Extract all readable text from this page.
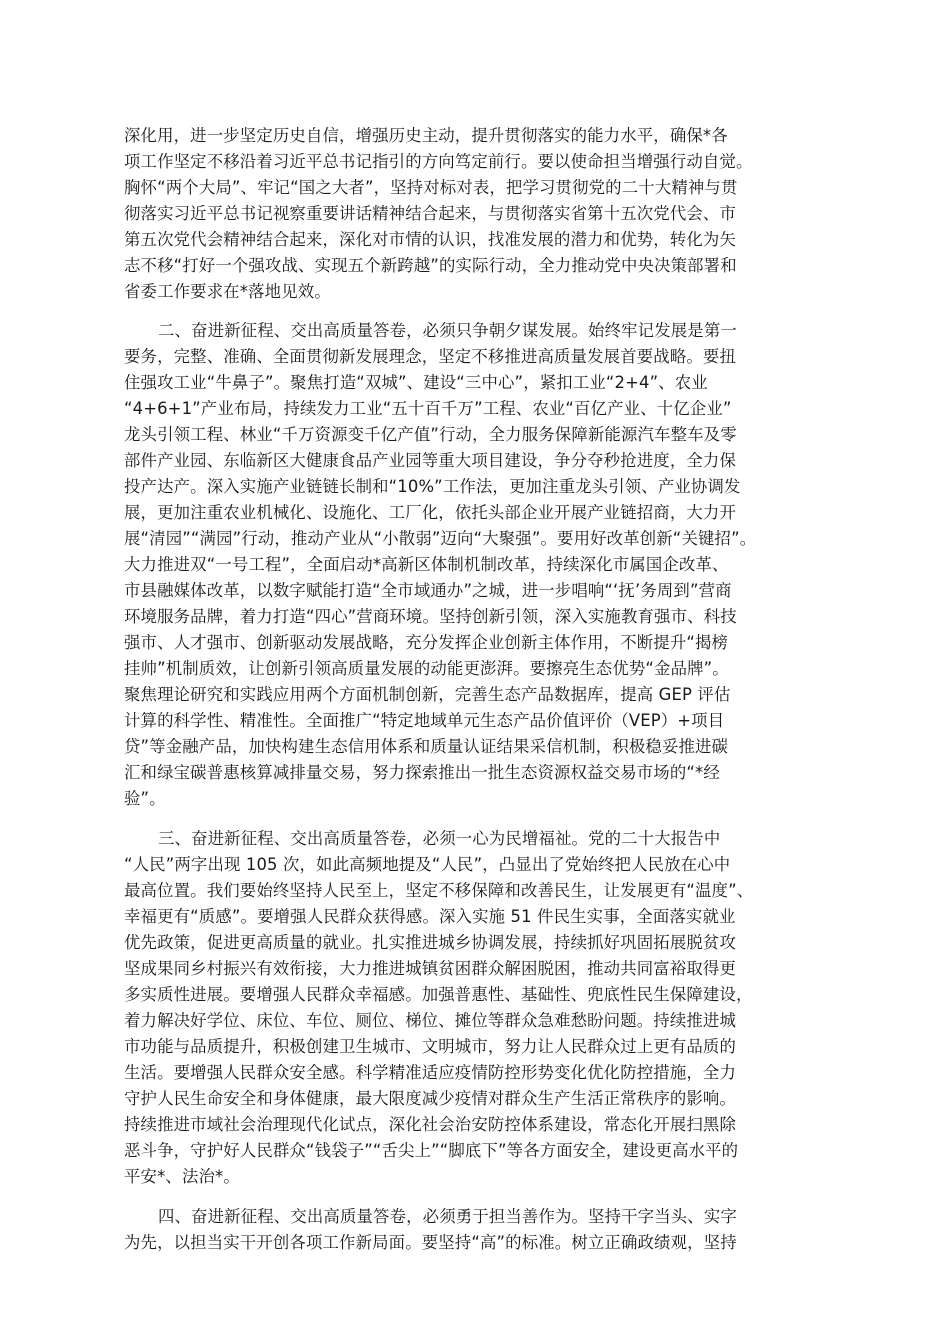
深化用，进一步坚定历史自信，增强历史主动，提升贯彻落实的能力水平，确保*各
项工作坚定不移沿着习近平总书记指引的方向笃定前行。要以使命担当增强行动自觉。
胸怀“两个大局”、牢记“国之大者”，坚持对标对表，把学习贯彻党的二十大精神与贯
彻落实习近平总书记视察重要讲话精神结合起来，与贯彻落实省第十五次党代会、市
第五次党代会精神结合起来，深化对市情的认识，找准发展的潜力和优势，转化为矢
志不移“打好一个强攻战、实现五个新跨越”的实际行动，全力推动党中央决策部署和
省委工作要求在*落地见效。
二、奋进新征程、交出高质量答卷，必须只争朝夕谋发展。始终牢记发展是第一
要务，完整、准确、全面贯彻新发展理念，坚定不移推进高质量发展首要战略。要扭
住强攻工业“牛鼻子”。聚焦打造“双城”、建设“三中心”，紧扣工业“2+4”、农业
“4+6+1”产业布局，持续发力工业“五十百千万”工程、农业“百亿产业、十亿企业”
龙头引领工程、林业“千万资源变千亿产值”行动，全力服务保障新能源汽车整车及零
部件产业园、东临新区大健康食品产业园等重大项目建设，争分夺秒抢进度，全力保
投产达产。深入实施产业链链长制和“10%”工作法，更加注重龙头引领、产业协调发
展，更加注重农业机械化、设施化、工厂化，依托头部企业开展产业链招商，大力开
展“清园”“满园”行动，推动产业从“小散弱”迈向“大聚强”。要用好改革创新“关键招”。
大力推进双“一号工程”，全面启动*高新区体制机制改革，持续深化市属国企改革、
市县融媒体改革，以数字赋能打造“全市域通办”之城，进一步唱响“‘抚’务周到”营商
环境服务品牌，着力打造“四心”营商环境。坚持创新引领，深入实施教育强市、科技
强市、人才强市、创新驱动发展战略，充分发挥企业创新主体作用，不断提升“揭榜
挂帅”机制质效，让创新引领高质量发展的动能更澎湃。要擦亮生态优势“金品牌”。
聚焦理论研究和实践应用两个方面机制创新，完善生态产品数据库，提高 GEP 评估
计算的科学性、精准性。全面推广“特定地域单元生态产品价值评价（VEP）+项目
贷”等金融产品，加快构建生态信用体系和质量认证结果采信机制，积极稳妥推进碳
汇和绿宝碳普惠核算减排量交易，努力探索推出一批生态资源权益交易市场的“*经
验”。
三、奋进新征程、交出高质量答卷，必须一心为民增福祉。党的二十大报告中
“人民”两字出现 105 次，如此高频地提及“人民”，凸显出了党始终把人民放在心中
最高位置。我们要始终坚持人民至上，坚定不移保障和改善民生，让发展更有“温度”、
幸福更有“质感”。要增强人民群众获得感。深入实施 51 件民生实事，全面落实就业
优先政策，促进更高质量的就业。扎实推进城乡协调发展，持续抓好巩固拓展脱贫攻
坚成果同乡村振兴有效衔接，大力推进城镇贫困群众解困脱困，推动共同富裕取得更
多实质性进展。要增强人民群众幸福感。加强普惠性、基础性、兜底性民生保障建设，
着力解决好学位、床位、车位、厕位、梯位、摊位等群众急难愁盼问题。持续推进城
市功能与品质提升，积极创建卫生城市、文明城市，努力让人民群众过上更有品质的
生活。要增强人民群众安全感。科学精准适应疫情防控形势变化优化防控措施，全力
守护人民生命安全和身体健康，最大限度减少疫情对群众生产生活正常秩序的影响。
持续推进市域社会治理现代化试点，深化社会治安防控体系建设，常态化开展扫黑除
恶斗争，守护好人民群众“钱袋子”“舌尖上”“脚底下”等各方面安全，建设更高水平的
平安*、法治*。
四、奋进新征程、交出高质量答卷，必须勇于担当善作为。坚持干字当头、实字
为先，以担当实干开创各项工作新局面。要坚持“高”的标准。树立正确政绩观，坚持
